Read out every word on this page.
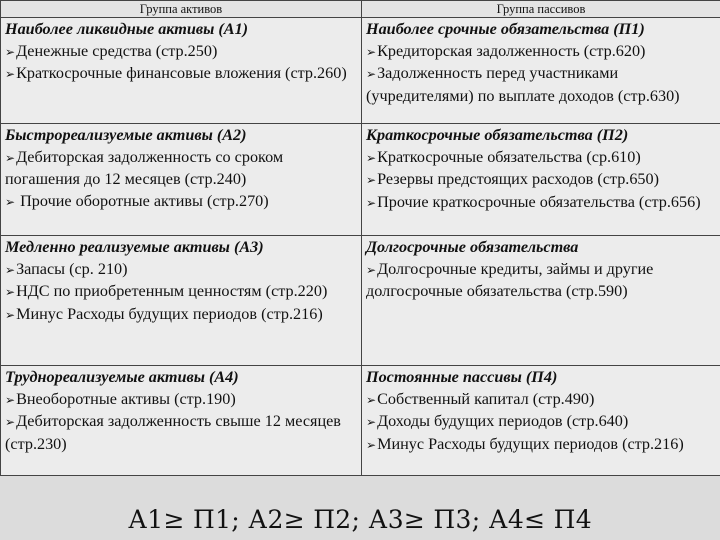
Группа активов	Группа пассивов

Наиболее ликвидные активы (А1)
➢Денежные средства (стр.250)
➢Краткосрочные финансовые вложения (стр.260)	Наиболее срочные обязательства (П1)
➢Кредиторская задолженность (стр.620)
➢Задолженность перед участниками (учредителями) по выплате доходов (стр.630)

Быстрореализуемые активы (А2)
➢Дебиторская задолженность со сроком погашения до 12 месяцев (стр.240)
➢ Прочие оборотные активы (стр.270)	Краткосрочные обязательства (П2)
➢Краткосрочные обязательства (ср.610)
➢Резервы предстоящих расходов (стр.650)
➢Прочие краткосрочные обязательства (стр.656)

Медленно реализуемые активы (А3)
➢Запасы (ср. 210)
➢НДС по приобретенным ценностям (стр.220)
➢Минус Расходы будущих периодов (стр.216)	Долгосрочные обязательства
➢Долгосрочные кредиты, займы и другие долгосрочные обязательства (стр.590)

Труднореализуемые активы (А4)
➢Внеоборотные активы (стр.190)
➢Дебиторская задолженность свыше 12 месяцев (стр.230)	Постоянные пассивы (П4)
➢Собственный капитал (стр.490)
➢Доходы будущих периодов (стр.640)
➢Минус Расходы будущих периодов (стр.216)
А1≥ П1; А2≥ П2; А3≥ П3; А4≤ П4
